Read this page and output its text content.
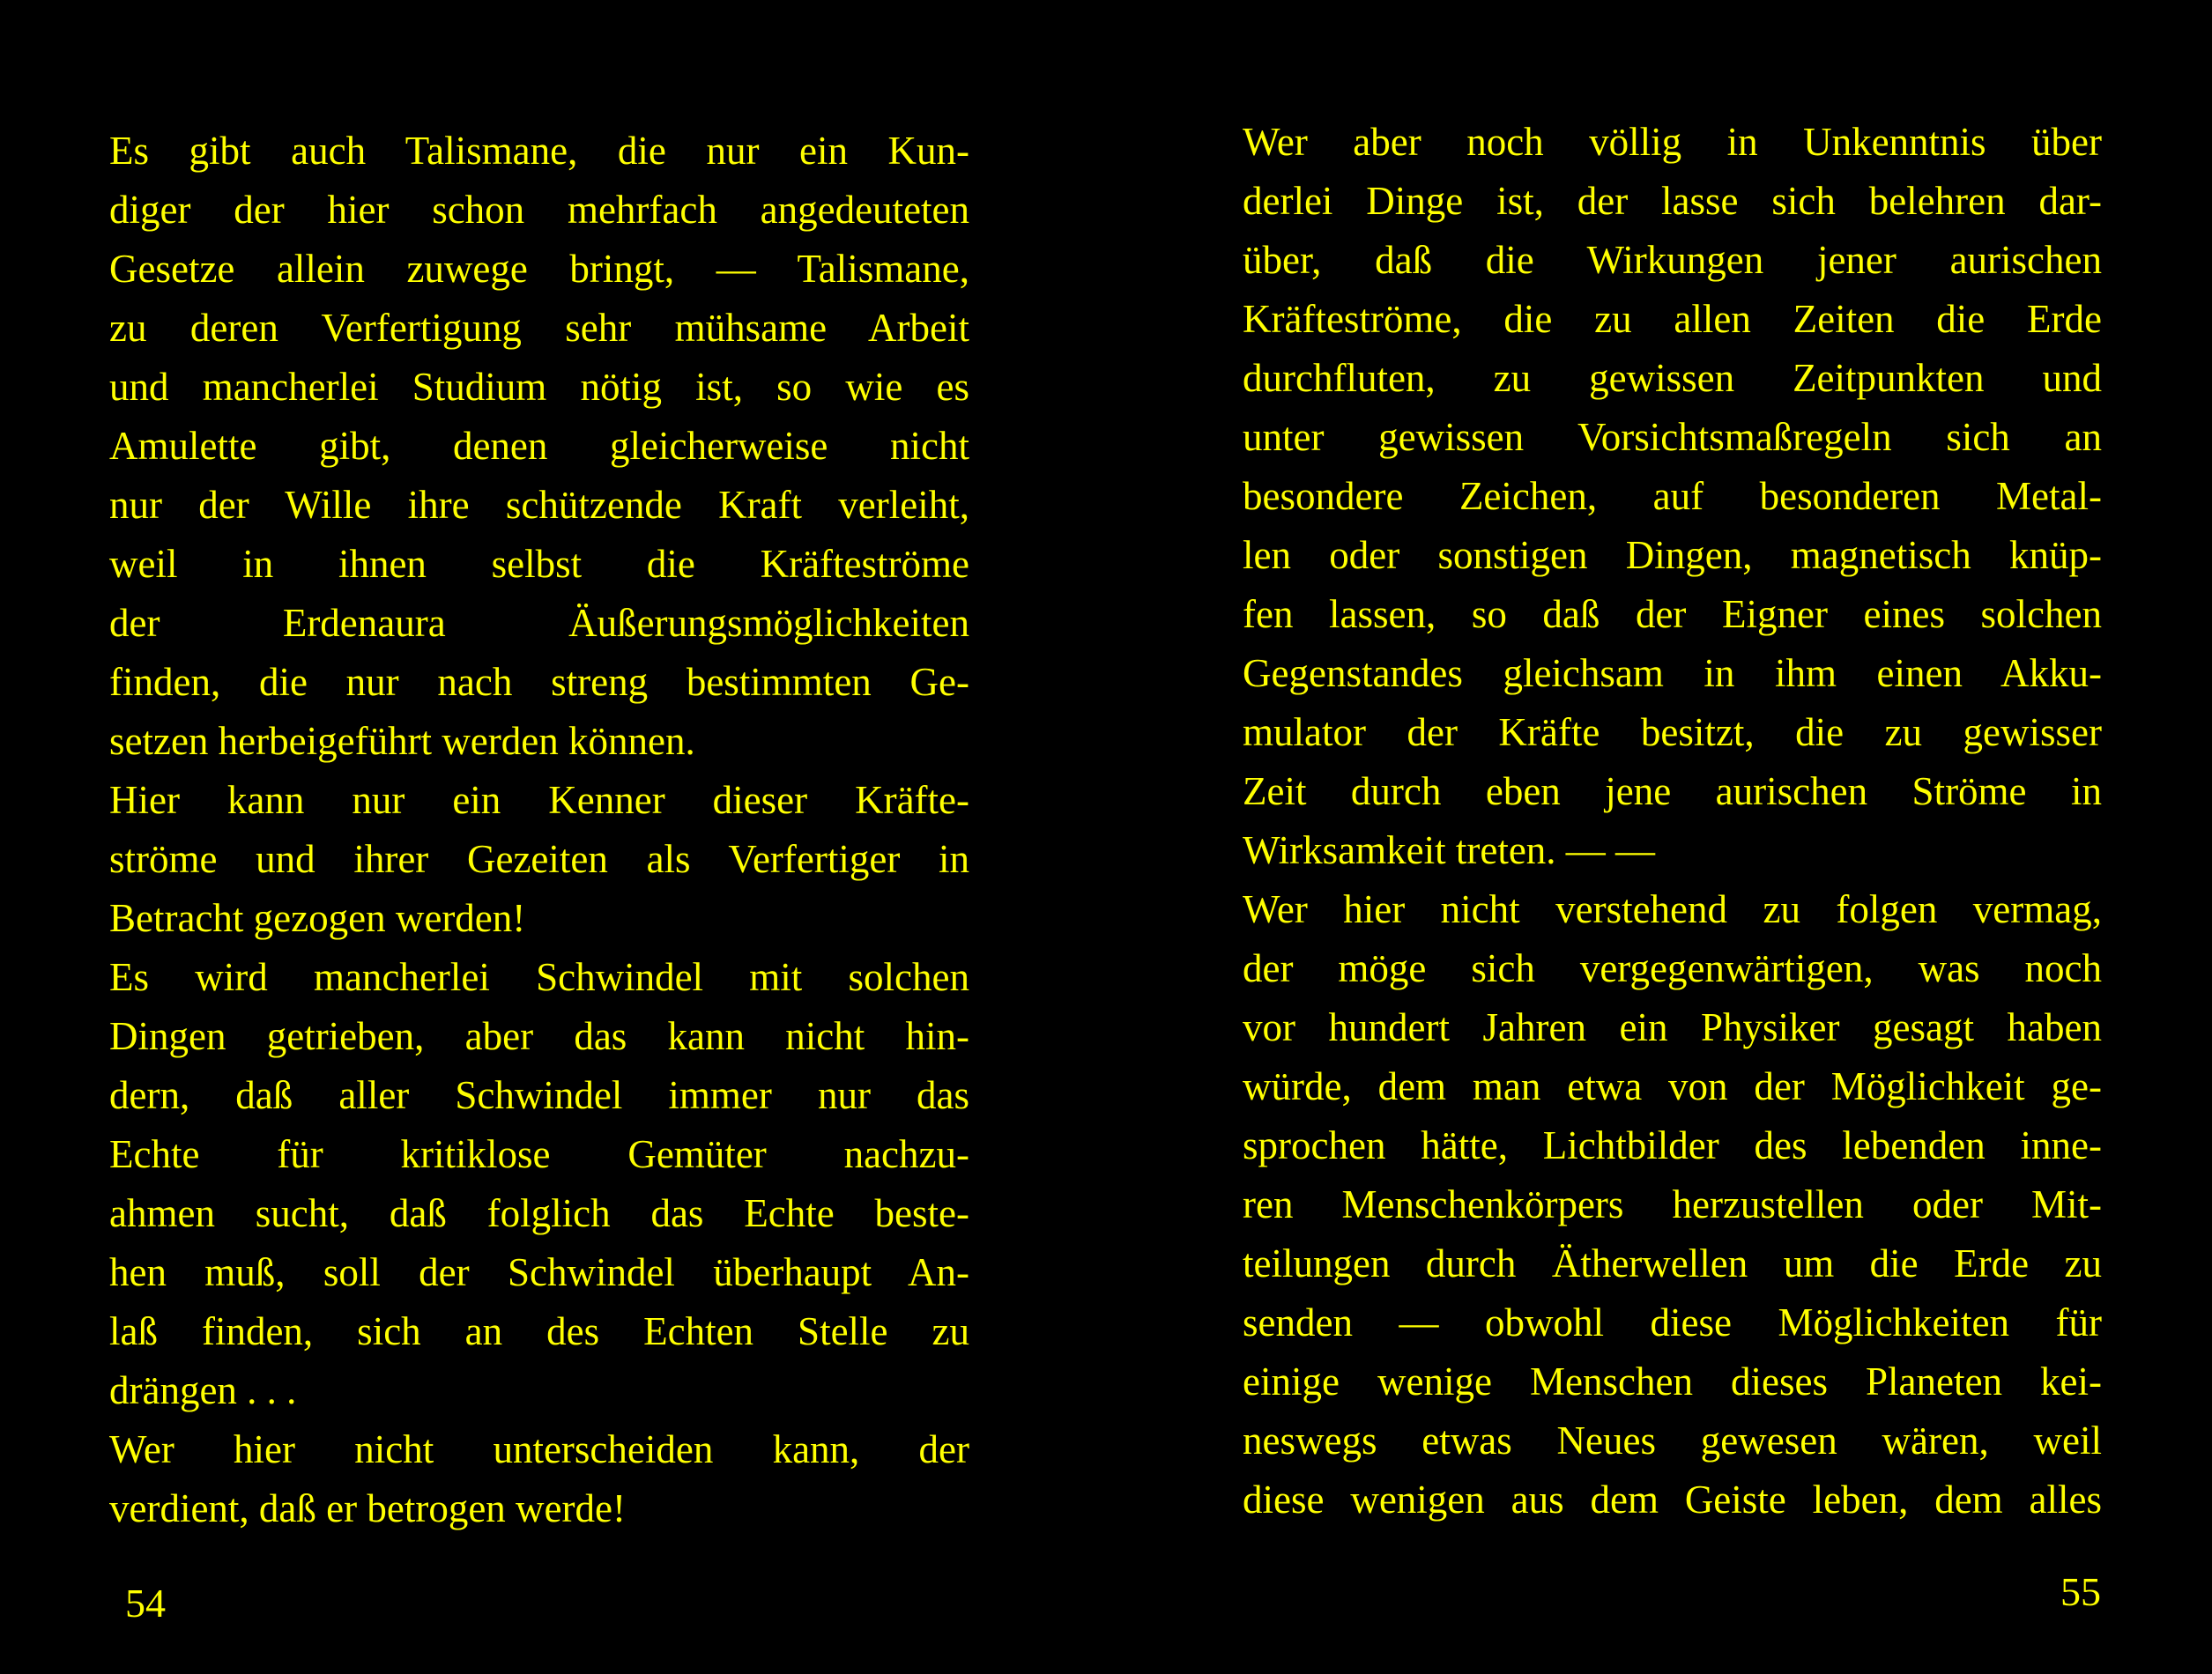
Es gibt auch Talismane, die nur ein Kun-
diger der hier schon mehrfach angedeuteten
Gesetze allein zuwege bringt, — Talismane,
zu deren Verfertigung sehr mühsame Arbeit
und mancherlei Studium nötig ist, so wie es
Amulette gibt, denen gleicherweise nicht
nur der Wille ihre schützende Kraft verleiht,
weil in ihnen selbst die Kräfteströme
der Erdenaura Äußerungsmöglichkeiten
finden, die nur nach streng bestimmten Ge-
setzen herbeigeführt werden können.
Hier kann nur ein Kenner dieser Kräfte-
ströme und ihrer Gezeiten als Verfertiger in
Betracht gezogen werden!
Es wird mancherlei Schwindel mit solchen
Dingen getrieben, aber das kann nicht hin-
dern, daß aller Schwindel immer nur das
Echte für kritiklose Gemüter nachzu-
ahmen sucht, daß folglich das Echte beste-
hen muß, soll der Schwindel überhaupt An-
laß finden, sich an des Echten Stelle zu
drängen . . .
Wer hier nicht unterscheiden kann, der
verdient, daß er betrogen werde!
54
Wer aber noch völlig in Unkenntnis über
derlei Dinge ist, der lasse sich belehren dar-
über, daß die Wirkungen jener aurischen
Kräfteströme, die zu allen Zeiten die Erde
durchfluten, zu gewissen Zeitpunkten und
unter gewissen Vorsichtsmaßregeln sich an
besondere Zeichen, auf besonderen Metal-
len oder sonstigen Dingen, magnetisch knüp-
fen lassen, so daß der Eigner eines solchen
Gegenstandes gleichsam in ihm einen Akku-
mulator der Kräfte besitzt, die zu gewisser
Zeit durch eben jene aurischen Ströme in
Wirksamkeit treten. — —
Wer hier nicht verstehend zu folgen vermag,
der möge sich vergegenwärtigen, was noch
vor hundert Jahren ein Physiker gesagt haben
würde, dem man etwa von der Möglichkeit ge-
sprochen hätte, Lichtbilder des lebenden inne-
ren Menschenkörpers herzustellen oder Mit-
teilungen durch Ätherwellen um die Erde zu
senden — obwohl diese Möglichkeiten für
einige wenige Menschen dieses Planeten kei-
neswegs etwas Neues gewesen wären, weil
diese wenigen aus dem Geiste leben, dem alles
55
